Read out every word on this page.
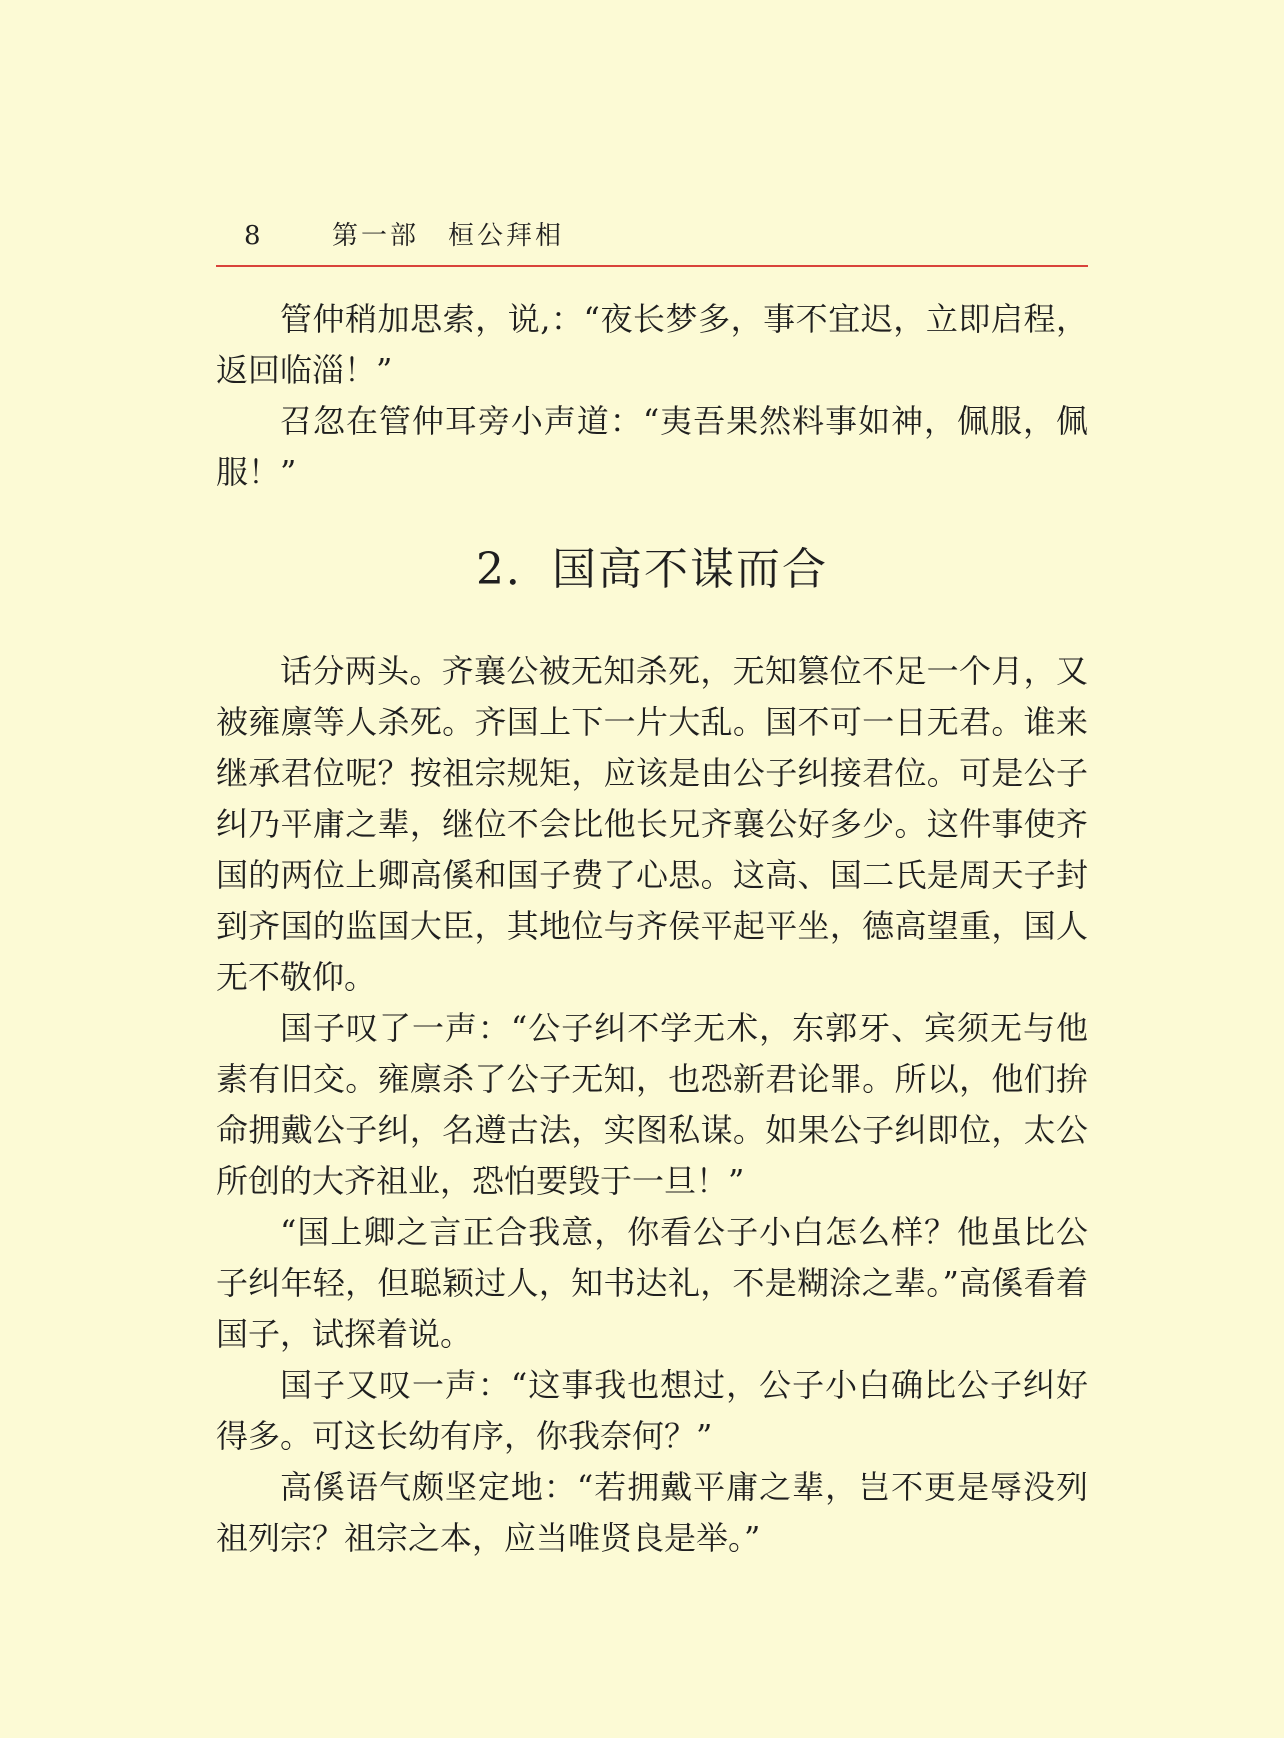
8	第一部　桓公拜相

管仲稍加思索，说,：“夜长梦多，事不宜迟，立即启程，返回临淄！”

召忽在管仲耳旁小声道：“夷吾果然料事如神，佩服，佩服！”

2．国高不谋而合

话分两头。齐襄公被无知杀死，无知篡位不足一个月，又被雍廪等人杀死。齐国上下一片大乱。国不可一日无君。谁来继承君位呢？按祖宗规矩，应该是由公子纠接君位。可是公子纠乃平庸之辈，继位不会比他长兄齐襄公好多少。这件事使齐国的两位上卿高傒和国子费了心思。这高、国二氏是周天子封到齐国的监国大臣，其地位与齐侯平起平坐，德高望重，国人无不敬仰。

国子叹了一声：“公子纠不学无术，东郭牙、宾须无与他素有旧交。雍廪杀了公子无知，也恐新君论罪。所以，他们拚命拥戴公子纠，名遵古法，实图私谋。如果公子纠即位，太公所创的大齐祖业，恐怕要毁于一旦！”

“国上卿之言正合我意，你看公子小白怎么样？他虽比公子纠年轻，但聪颖过人，知书达礼，不是糊涂之辈。”高傒看着国子，试探着说。

国子又叹一声：“这事我也想过，公子小白确比公子纠好得多。可这长幼有序，你我奈何？”

高傒语气颇坚定地：“若拥戴平庸之辈，岂不更是辱没列祖列宗？祖宗之本，应当唯贤良是举。”
